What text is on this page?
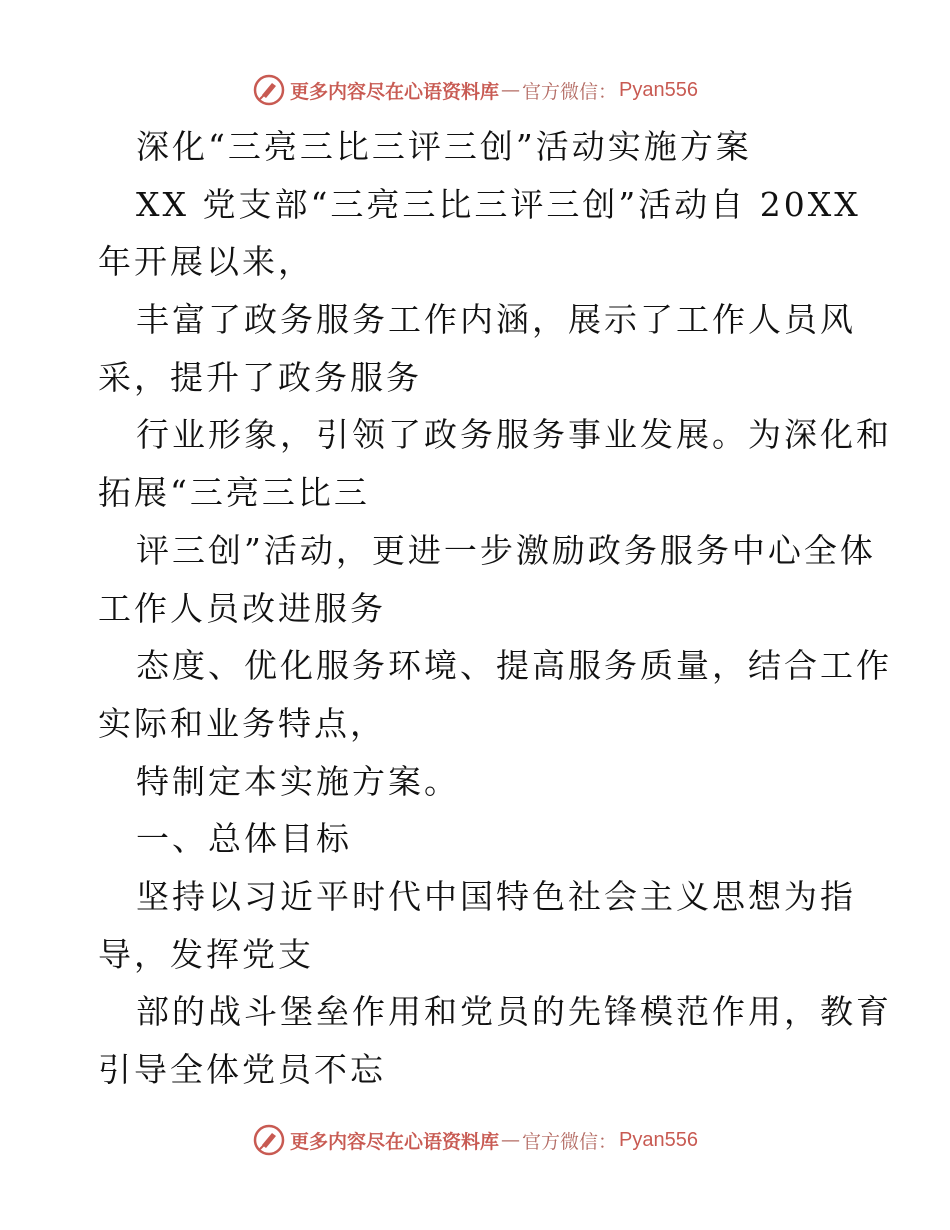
更多内容尽在心语资料库 — 官方微信： Pyan556
深化“三亮三比三评三创”活动实施方案
XX 党支部“三亮三比三评三创”活动自 20XX
年开展以来，
丰富了政务服务工作内涵，展示了工作人员风
采，提升了政务服务
行业形象，引领了政务服务事业发展。为深化和
拓展“三亮三比三
评三创”活动，更进一步激励政务服务中心全体
工作人员改进服务
态度、优化服务环境、提高服务质量，结合工作
实际和业务特点，
特制定本实施方案。
一、总体目标
坚持以习近平时代中国特色社会主义思想为指
导，发挥党支
部的战斗堡垒作用和党员的先锋模范作用，教育
引导全体党员不忘
更多内容尽在心语资料库 — 官方微信： Pyan556
